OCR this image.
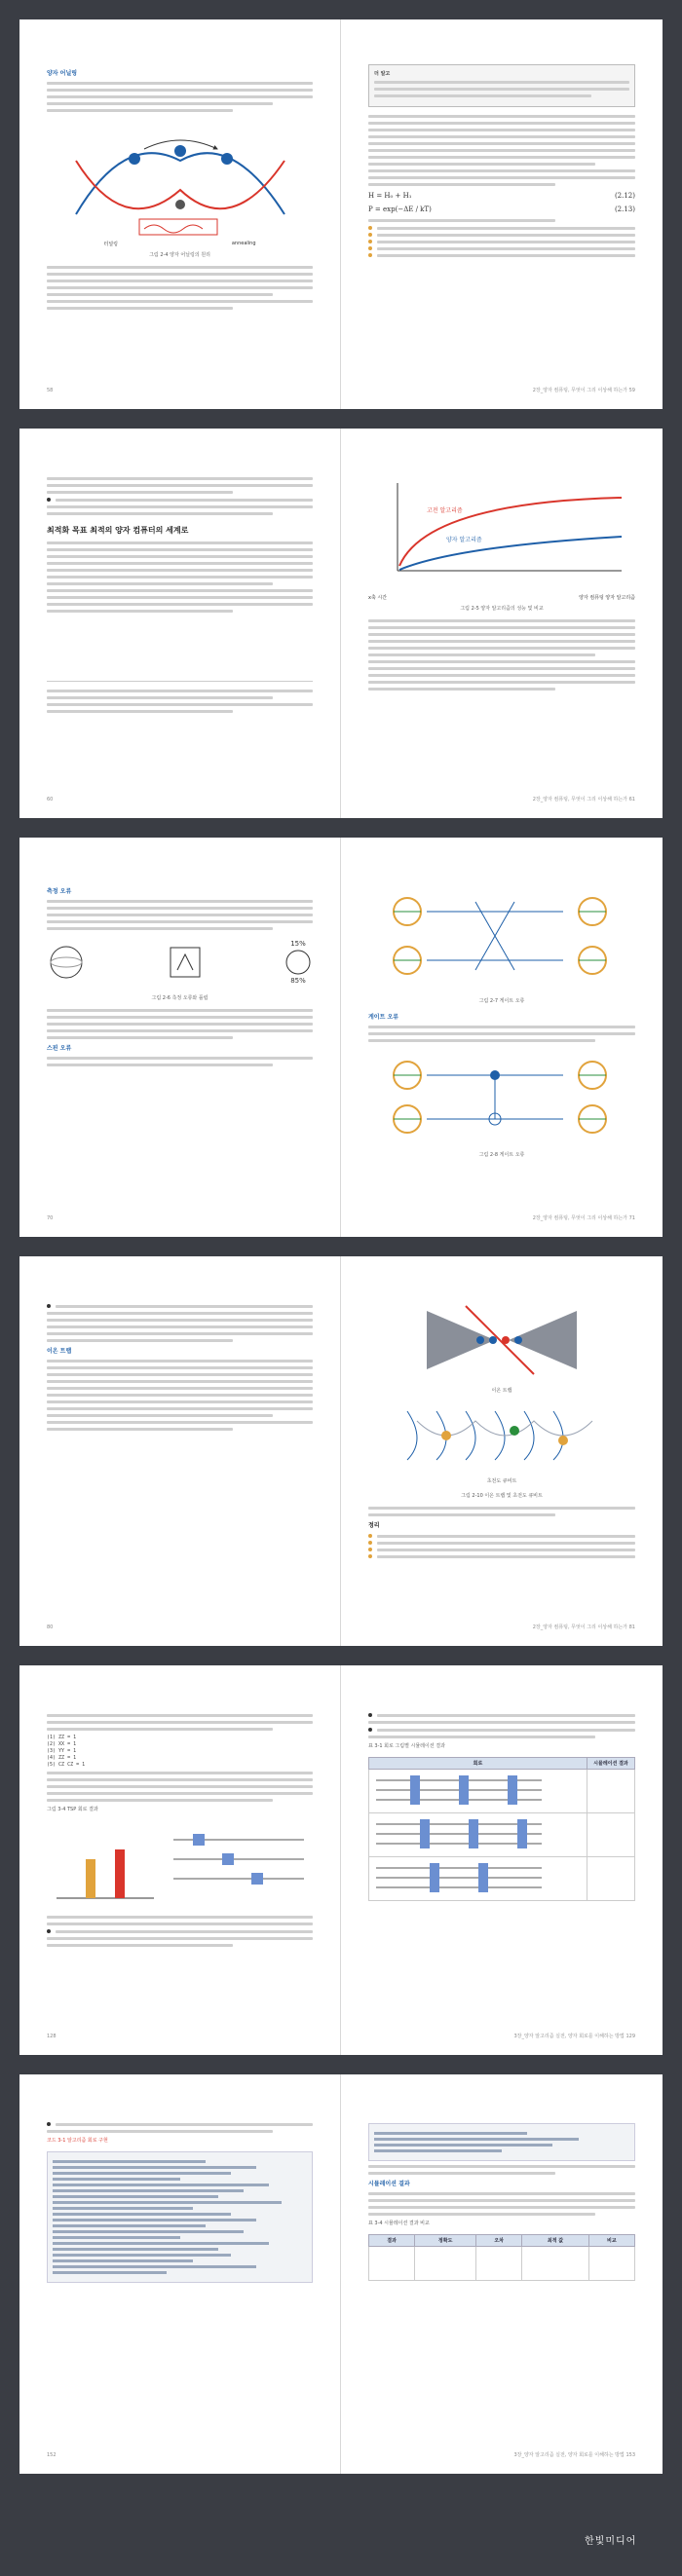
양자 어닐링
터널링	annealing
그림 2-4 양자 어닐링의 원리
58
더 알고
H = H₀ + H₁	(2.12)
P = exp(−ΔE / kT)	(2.13)
2장_양자 컴퓨팅, 무엇이 그리 이상해 하는가 59
최적화 목표 최적의 양자 컴퓨터의 세계로
60
고전 알고리즘
양자 알고리즘
x축 시간	양자 컴퓨팅 양자 알고리즘
그림 2-5 양자 알고리즘의 성능 및 비교
2장_양자 컴퓨팅, 무엇이 그리 이상해 하는가 61
측정 오류
15%
85%
그림 2-6 측정 오류와 플립
스핀 오류
70
그림 2-7 게이트 오류
게이트 오류
그림 2-8 게이트 오류
2장_양자 컴퓨팅, 무엇이 그리 이상해 하는가 71
이온 트랩
80
이온 트랩
초전도 큐비트
그림 2-10 이온 트랩 및 초전도 큐비트
정리
2장_양자 컴퓨팅, 무엇이 그리 이상해 하는가 81
(1) ZZ = 1
(2) XX = 1
(3) YY = 1
(4) ZZ = 1
(5) CZ CZ = 1
그림 3-4 TSP 회로 결과
128
표 3-1 회로 그림별 시뮬레이션 결과
회로	시뮬레이션 결과

3장_양자 알고리즘 실전, 양자 회로를 이해하는 방법 129
코드 3-1 알고리즘 회로 구현
152
시뮬레이션 결과
표 3-4 시뮬레이션 결과 비교
결과	정확도	오차	최적 값	비교

3장_양자 알고리즘 실전, 양자 회로를 이해하는 방법 153
한빛미디어
